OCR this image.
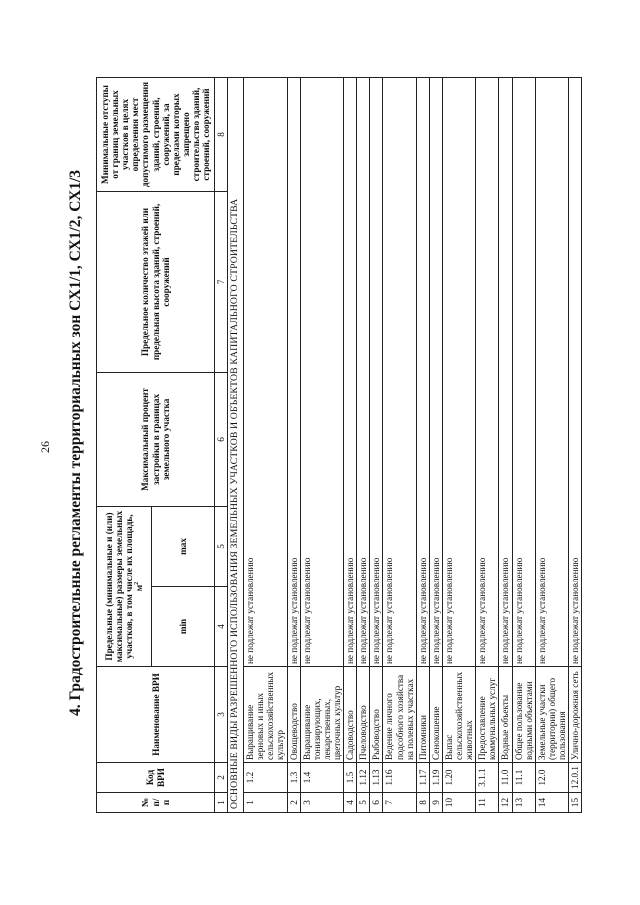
26 4. Градостроительные регламенты территориальных зон СХ1/1, СХ1/2, СХ1/3
№ п/п	Код ВРИ	Наименование ВРИ	Предельные (минимальные и (или) максимальные) размеры земельных участков, в том числе их площадь, $м^2$		Максимальный процент застройки в границах земельного участка	Предельное количество этажей или предельная высота зданий, строений, сооружений	Минимальные отступы от границ земельных участков в целях определения мест допустимого размещения зданий, строений, сооружений, за пределами которых запрещено строительство зданий, строений, сооружений
			min	max			
1	2	3	4	5	6	7	8
ОСНОВНЫЕ ВИДЫ РАЗРЕШЕННОГО ИСПОЛЬЗОВАНИЯ ЗЕМЕЛЬНЫХ УЧАСТКОВ И ОБЪЕКТОВ КАПИТАЛЬНОГО СТРОИТЕЛЬСТВА							
1	1.2	Выращивание зерновых и иных сельскохозяйственных культур	не подлежат установлению				
2	1.3	Овощеводство	не подлежат установлению				
3	1.4	Выращивание тонизирующих, лекарственных, цветочных культур	не подлежат установлению				
4	1.5	Садоводство	не подлежат установлению				
5	1.12	Пчеловодство	не подлежат установлению				
6	1.13	Рыбоводство	не подлежат установлению				
7	1.16	Ведение личного подсобного хозяйства на полевых участках	не подлежат установлению				
8	1.17	Питомники	не подлежат установлению				
9	1.19	Сенокошение	не подлежат установлению				
10	1.20	Выпас сельскохозяйственных животных	не подлежат установлению				
11	3.1.1	Предоставление коммунальных услуг	не подлежат установлению				
12	11.0	Водные объекты	не подлежат установлению				
13	11.1	Общее пользование водными объектами	не подлежат установлению				
14	12.0	Земельные участки (территории) общего пользования	не подлежат установлению				
15	12.0.1	Улично-дорожная сеть	не подлежат установлению				
